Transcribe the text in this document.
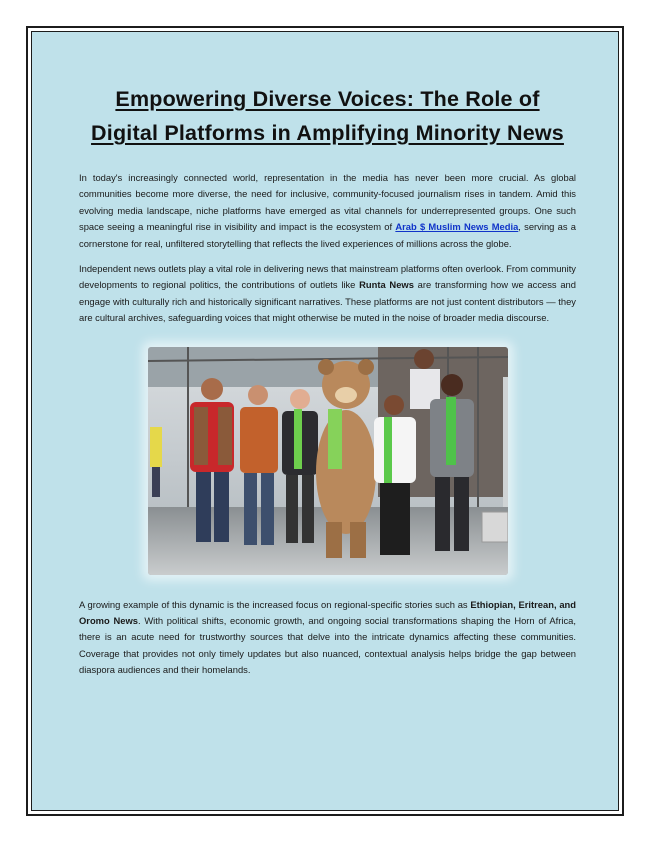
Empowering Diverse Voices: The Role of Digital Platforms in Amplifying Minority News

In today's increasingly connected world, representation in the media has never been more crucial. As global communities become more diverse, the need for inclusive, community-focused journalism rises in tandem. Amid this evolving media landscape, niche platforms have emerged as vital channels for underrepresented groups. One such space seeing a meaningful rise in visibility and impact is the ecosystem of Arab $ Muslim News Media, serving as a cornerstone for real, unfiltered storytelling that reflects the lived experiences of millions across the globe.

Independent news outlets play a vital role in delivering news that mainstream platforms often overlook. From community developments to regional politics, the contributions of outlets like Runta News are transforming how we access and engage with culturally rich and historically significant narratives. These platforms are not just content distributors — they are cultural archives, safeguarding voices that might otherwise be muted in the noise of broader media discourse.

A growing example of this dynamic is the increased focus on regional-specific stories such as Ethiopian, Eritrean, and Oromo News. With political shifts, economic growth, and ongoing social transformations shaping the Horn of Africa, there is an acute need for trustworthy sources that delve into the intricate dynamics affecting these communities. Coverage that provides not only timely updates but also nuanced, contextual analysis helps bridge the gap between diaspora audiences and their homelands.
